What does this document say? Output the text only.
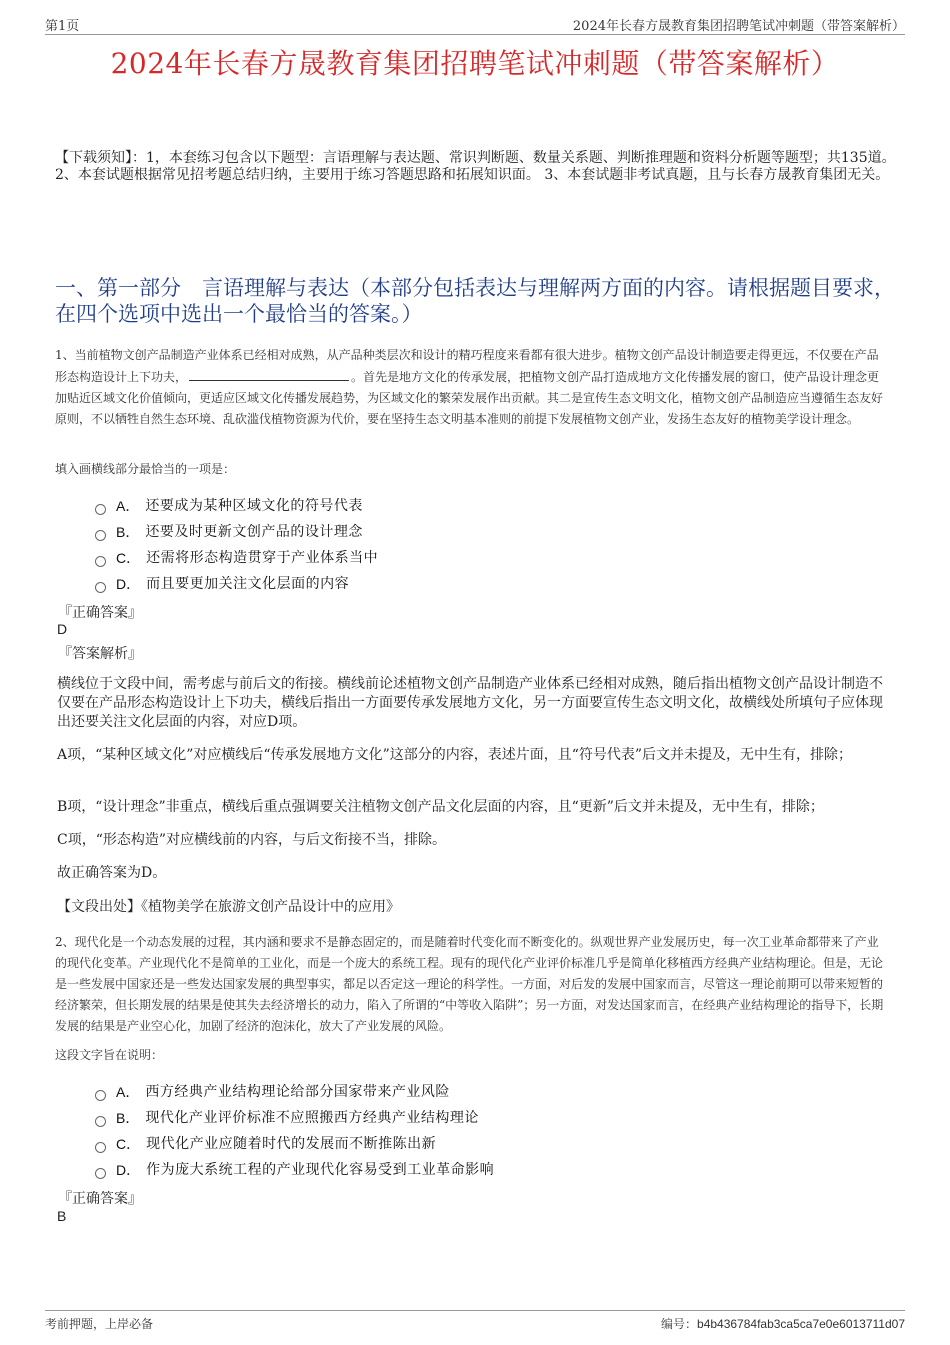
第1页	2024年长春方晟教育集团招聘笔试冲刺题（带答案解析）
2024年长春方晟教育集团招聘笔试冲刺题（带答案解析）
【下载须知】：1，本套练习包含以下题型：言语理解与表达题、常识判断题、数量关系题、判断推理题和资料分析题等题型；共135道。 2、本套试题根据常见招考题总结归纳，主要用于练习答题思路和拓展知识面。 3、本套试题非考试真题，且与长春方晟教育集团无关。
一、第一部分　言语理解与表达（本部分包括表达与理解两方面的内容。请根据题目要求，在四个选项中选出一个最恰当的答案。）
1、当前植物文创产品制造产业体系已经相对成熟，从产品种类层次和设计的精巧程度来看都有很大进步。植物文创产品设计制造要走得更远，不仅要在产品形态构造设计上下功夫，	。首先是地方文化的传承发展，把植物文创产品打造成地方文化传播发展的窗口，使产品设计理念更加贴近区域文化价值倾向，更适应区域文化传播发展趋势，为区域文化的繁荣发展作出贡献。其二是宣传生态文明文化，植物文创产品制造应当遵循生态友好原则，不以牺牲自然生态环境、乱砍滥伐植物资源为代价，要在坚持生态文明基本准则的前提下发展植物文创产业，发扬生态友好的植物美学设计理念。
填入画横线部分最恰当的一项是：
A． 还要成为某种区域文化的符号代表
B． 还要及时更新文创产品的设计理念
C． 还需将形态构造贯穿于产业体系当中
D． 而且要更加关注文化层面的内容
『正确答案』
D
『答案解析』
横线位于文段中间，需考虑与前后文的衔接。横线前论述植物文创产品制造产业体系已经相对成熟，随后指出植物文创产品设计制造不仅要在产品形态构造设计上下功夫，横线后指出一方面要传承发展地方文化，另一方面要宣传生态文明文化，故横线处所填句子应体现出还要关注文化层面的内容，对应D项。
A项，“某种区域文化”对应横线后“传承发展地方文化”这部分的内容，表述片面，且“符号代表”后文并未提及，无中生有，排除；
B项，“设计理念”非重点，横线后重点强调要关注植物文创产品文化层面的内容，且“更新”后文并未提及，无中生有，排除；
C项，“形态构造”对应横线前的内容，与后文衔接不当，排除。
故正确答案为D。
【文段出处】《植物美学在旅游文创产品设计中的应用》
2、现代化是一个动态发展的过程，其内涵和要求不是静态固定的，而是随着时代变化而不断变化的。纵观世界产业发展历史，每一次工业革命都带来了产业的现代化变革。产业现代化不是简单的工业化，而是一个庞大的系统工程。现有的现代化产业评价标准几乎是简单化移植西方经典产业结构理论。但是，无论是一些发展中国家还是一些发达国家发展的典型事实，都足以否定这一理论的科学性。一方面，对后发的发展中国家而言，尽管这一理论前期可以带来短暂的经济繁荣，但长期发展的结果是使其失去经济增长的动力，陷入了所谓的“中等收入陷阱”；另一方面，对发达国家而言，在经典产业结构理论的指导下，长期发展的结果是产业空心化，加剧了经济的泡沫化，放大了产业发展的风险。
这段文字旨在说明：
A． 西方经典产业结构理论给部分国家带来产业风险
B． 现代化产业评价标准不应照搬西方经典产业结构理论
C． 现代化产业应随着时代的发展而不断推陈出新
D． 作为庞大系统工程的产业现代化容易受到工业革命影响
『正确答案』
B
考前押题，上岸必备	编号：b4b436784fab3ca5ca7e0e6013711d07
